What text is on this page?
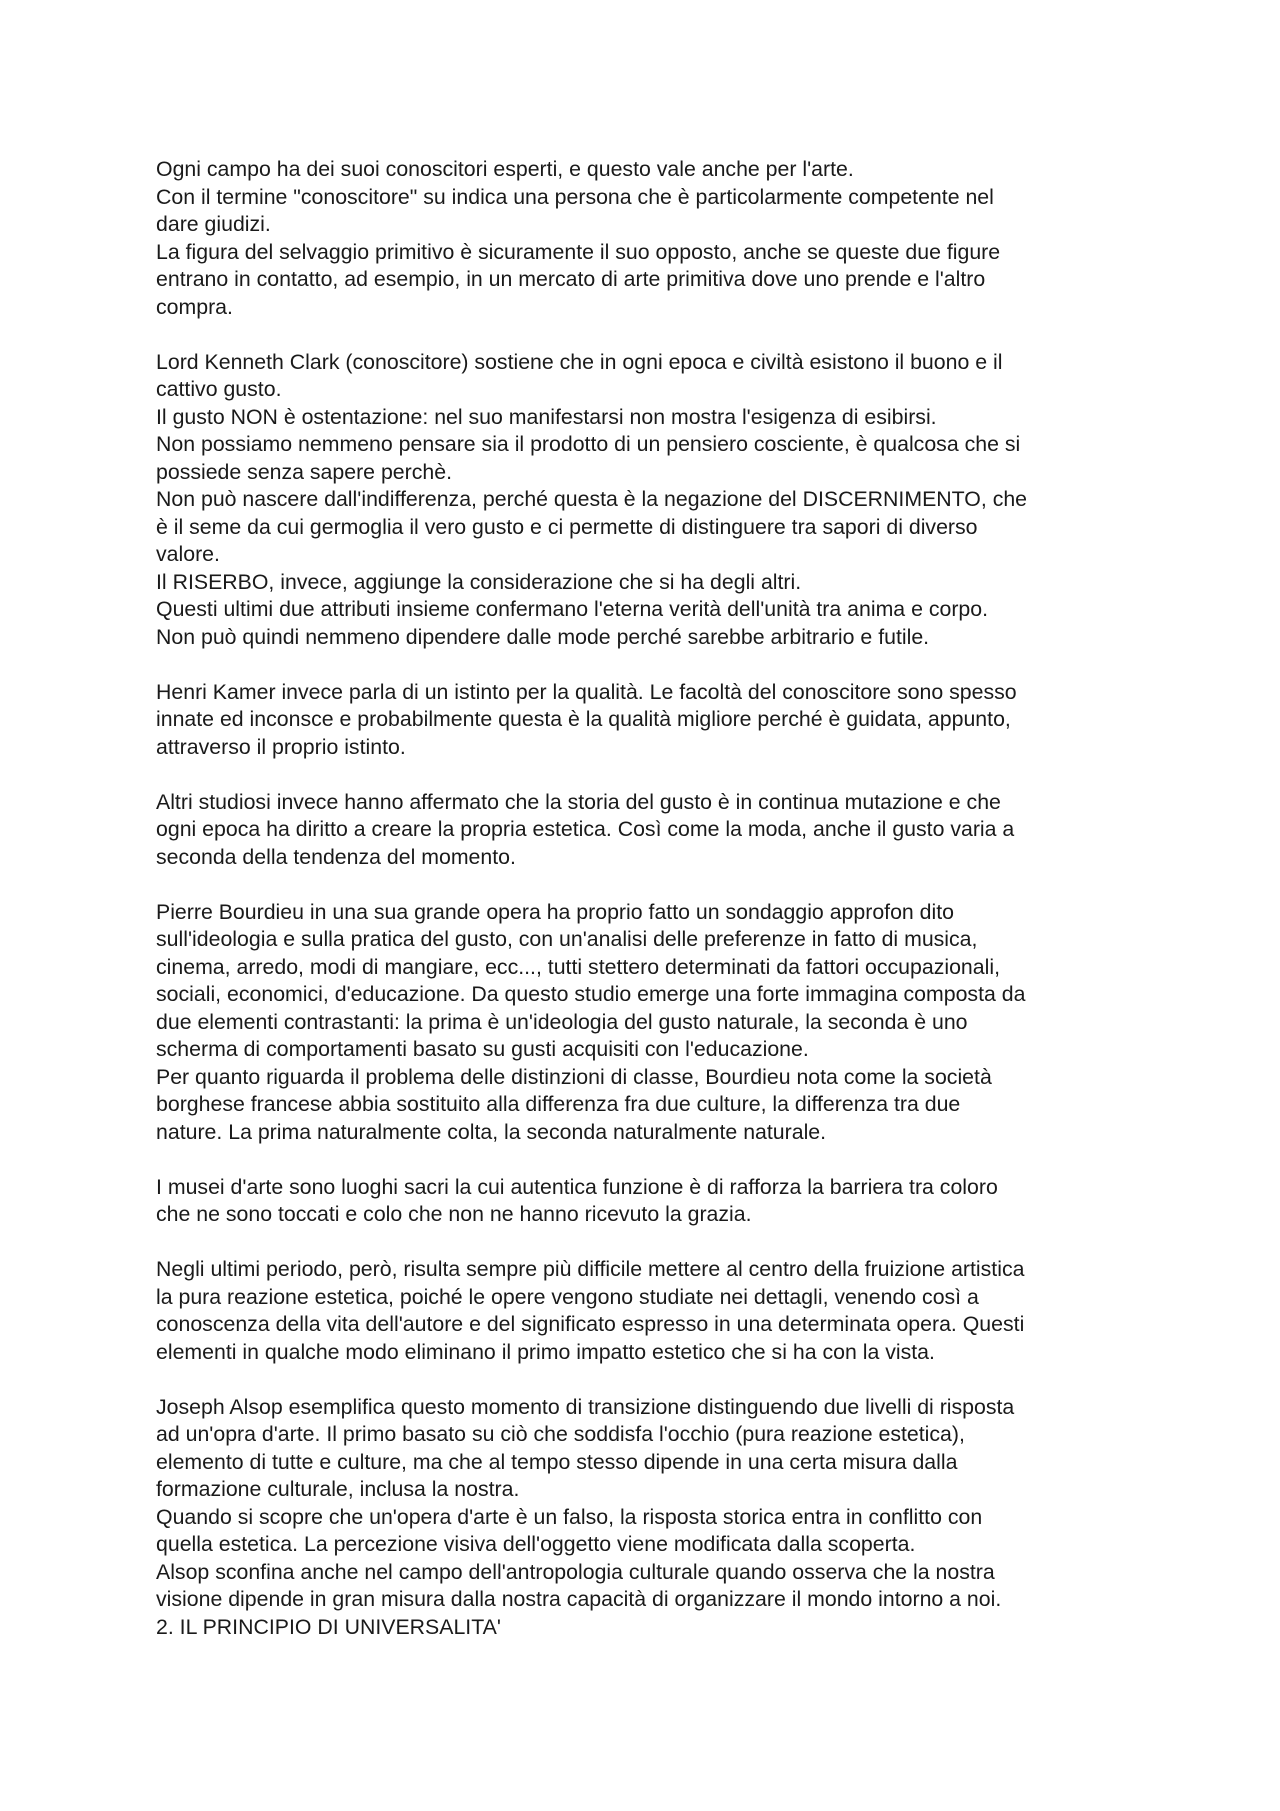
Ogni campo ha dei suoi conoscitori esperti, e questo vale anche per l'arte.
Con il termine "conoscitore" su indica una persona che è particolarmente competente nel
dare giudizi.
La figura del selvaggio primitivo è sicuramente il suo opposto, anche se queste due figure
entrano in contatto, ad esempio, in un mercato di arte primitiva dove uno prende e l'altro
compra.
Lord Kenneth Clark (conoscitore) sostiene che in ogni epoca e civiltà esistono il buono e il
cattivo gusto.
Il gusto NON è ostentazione: nel suo manifestarsi non mostra l'esigenza di esibirsi.
Non possiamo nemmeno pensare sia il prodotto di un pensiero cosciente, è qualcosa che si
possiede senza sapere perchè.
Non può nascere dall'indifferenza, perché questa è la negazione del DISCERNIMENTO, che
è il seme da cui germoglia il vero gusto e ci permette di distinguere tra sapori di diverso
valore.
Il RISERBO, invece, aggiunge la considerazione che si ha degli altri.
Questi ultimi due attributi insieme confermano l'eterna verità dell'unità tra anima e corpo.
Non può quindi nemmeno dipendere dalle mode perché sarebbe arbitrario e futile.
Henri Kamer invece parla di un istinto per la qualità. Le facoltà del conoscitore sono spesso
innate ed inconsce e probabilmente questa è la qualità migliore perché è guidata, appunto,
attraverso il proprio istinto.
Altri studiosi invece hanno affermato che la storia del gusto è in continua mutazione e che
ogni epoca ha diritto a creare la propria estetica. Così come la moda, anche il gusto varia a
seconda della tendenza del momento.
Pierre Bourdieu in una sua grande opera ha proprio fatto un sondaggio approfon dito
sull'ideologia e sulla pratica del gusto, con un'analisi delle preferenze in fatto di musica,
cinema, arredo, modi di mangiare, ecc..., tutti stettero determinati da fattori occupazionali,
sociali, economici, d'educazione. Da questo studio emerge una forte immagina composta da
due elementi contrastanti: la prima è un'ideologia del gusto naturale, la seconda è uno
scherma di comportamenti basato su gusti acquisiti con l'educazione.
Per quanto riguarda il problema delle distinzioni di classe, Bourdieu nota come la società
borghese francese abbia sostituito alla differenza fra due culture, la differenza tra due
nature. La prima naturalmente colta, la seconda naturalmente naturale.
I musei d'arte sono luoghi sacri la cui autentica funzione è di rafforza la barriera tra coloro
che ne sono toccati e colo che non ne hanno ricevuto la grazia.
Negli ultimi periodo, però, risulta sempre più difficile mettere al centro della fruizione artistica
la pura reazione estetica, poiché le opere vengono studiate nei dettagli, venendo così a
conoscenza della vita dell'autore e del significato espresso in una determinata opera. Questi
elementi in qualche modo eliminano il primo impatto estetico che si ha con la vista.
Joseph Alsop esemplifica questo momento di transizione distinguendo due livelli di risposta
ad un'opra d'arte. Il primo basato su ciò che soddisfa l'occhio (pura reazione estetica),
elemento di tutte e culture, ma che al tempo stesso dipende in una certa misura dalla
formazione culturale, inclusa la nostra.
Quando si scopre che un'opera d'arte è un falso, la risposta storica entra in conflitto con
quella estetica. La percezione visiva dell'oggetto viene modificata dalla scoperta.
Alsop sconfina anche nel campo dell'antropologia culturale quando osserva che la nostra
visione dipende in gran misura dalla nostra capacità di organizzare il mondo intorno a noi.
2. IL PRINCIPIO DI UNIVERSALITA'
